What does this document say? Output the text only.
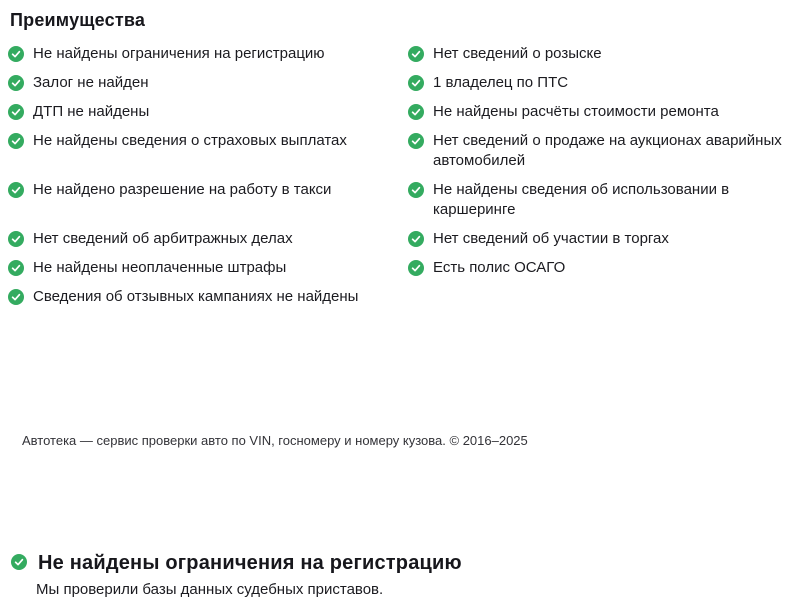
Преимущества
Не найдены ограничения на регистрацию	Нет сведений о розыске
Залог не найден	1 владелец по ПТС
ДТП не найдены	Не найдены расчёты стоимости ремонта
Не найдены сведения о страховых выплатах	Нет сведений о продаже на аукционах аварийных автомобилей
Не найдено разрешение на работу в такси	Не найдены сведения об использовании в каршеринге
Нет сведений об арбитражных делах	Нет сведений об участии в торгах
Не найдены неоплаченные штрафы	Есть полис ОСАГО
Сведения об отзывных кампаниях не найдены
Автотека — сервис проверки авто по VIN, госномеру и номеру кузова. © 2016–2025
Не найдены ограничения на регистрацию

Мы проверили базы данных судебных приставов.
